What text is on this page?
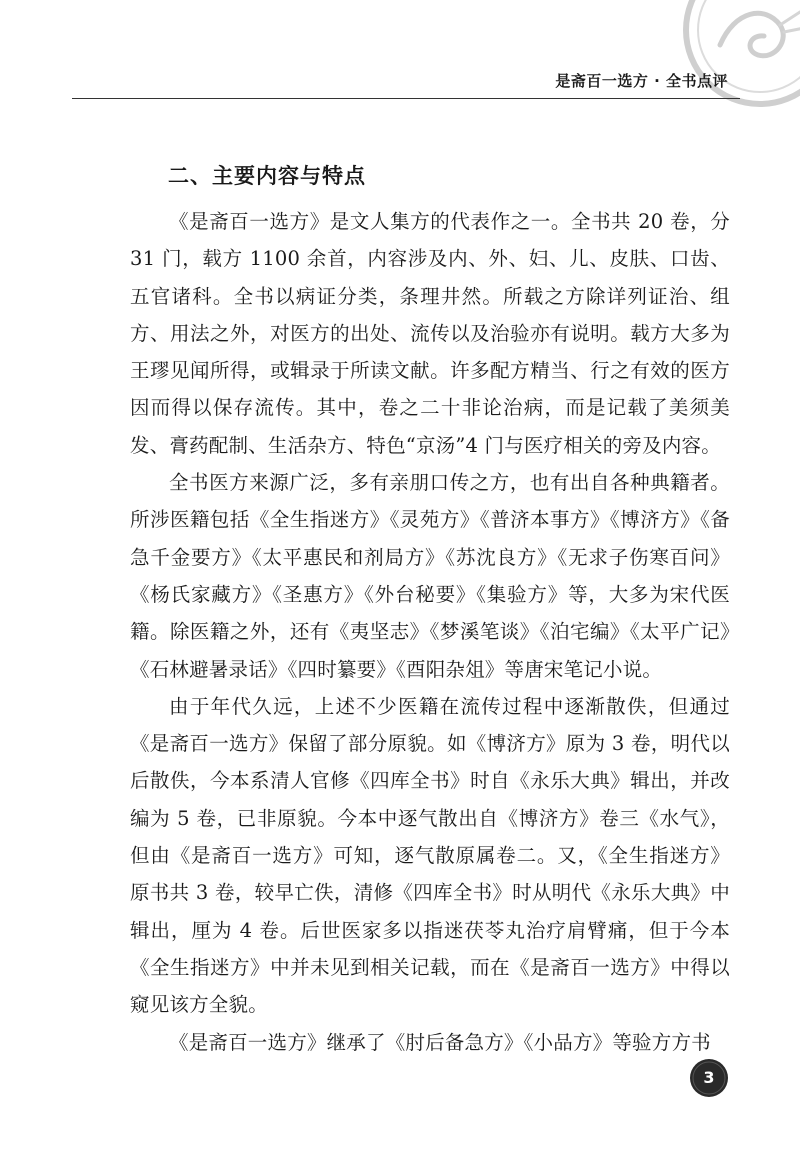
是斋百一选方 · 全书点评
二、主要内容与特点

《是斋百一选方》是文人集方的代表作之一。全书共 20 卷，分 31 门，载方 1100 余首，内容涉及内、外、妇、儿、皮肤、口齿、五官诸科。全书以病证分类，条理井然。所载之方除详列证治、组方、用法之外，对医方的出处、流传以及治验亦有说明。载方大多为王璆见闻所得，或辑录于所读文献。许多配方精当、行之有效的医方因而得以保存流传。其中，卷之二十非论治病，而是记载了美须美发、膏药配制、生活杂方、特色“京汤”4 门与医疗相关的旁及内容。

全书医方来源广泛，多有亲朋口传之方，也有出自各种典籍者。所涉医籍包括《全生指迷方》《灵苑方》《普济本事方》《博济方》《备急千金要方》《太平惠民和剂局方》《苏沈良方》《无求子伤寒百问》《杨氏家藏方》《圣惠方》《外台秘要》《集验方》等，大多为宋代医籍。除医籍之外，还有《夷坚志》《梦溪笔谈》《泊宅编》《太平广记》《石林避暑录话》《四时纂要》《酉阳杂俎》等唐宋笔记小说。

由于年代久远，上述不少医籍在流传过程中逐渐散佚，但通过《是斋百一选方》保留了部分原貌。如《博济方》原为 3 卷，明代以后散佚，今本系清人官修《四库全书》时自《永乐大典》辑出，并改编为 5 卷，已非原貌。今本中逐气散出自《博济方》卷三《水气》，但由《是斋百一选方》可知，逐气散原属卷二。又，《全生指迷方》原书共 3 卷，较早亡佚，清修《四库全书》时从明代《永乐大典》中辑出，厘为 4 卷。后世医家多以指迷茯苓丸治疗肩臂痛，但于今本《全生指迷方》中并未见到相关记载，而在《是斋百一选方》中得以窥见该方全貌。

《是斋百一选方》继承了《肘后备急方》《小品方》等验方方书

3
